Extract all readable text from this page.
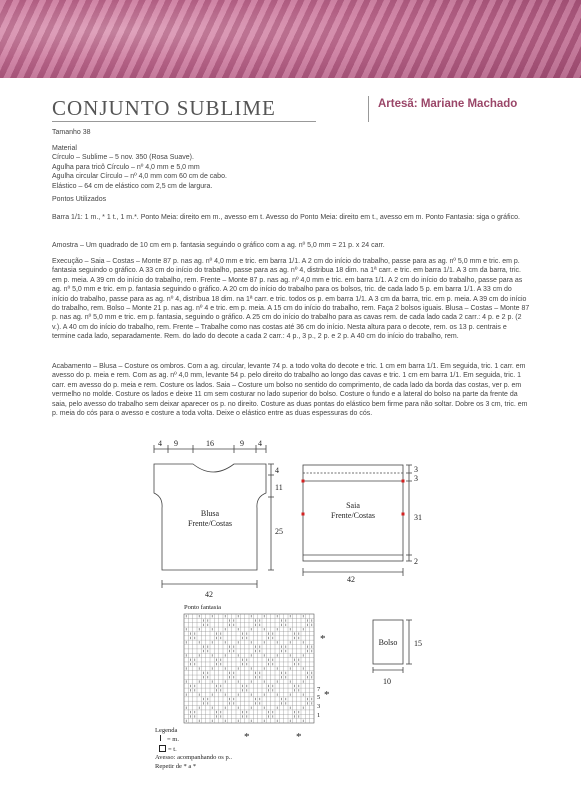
CONJUNTO SUBLIME	Artesã: Mariane Machado
Tamanho 38

Material

Círculo – Sublime – 5 nov. 350 (Rosa Suave).

Agulha para tricô Círculo – nº 4,0 mm e 5,0 mm

Agulha circular Círculo – nº 4,0 mm com 60 cm de cabo.

Elástico – 64 cm de elástico com 2,5 cm de largura.

Pontos Utilizados

Barra 1/1: 1 m., * 1 t., 1 m.*. Ponto Meia: direito em m., avesso em t. Avesso do Ponto Meia: direito em t., avesso em m. Ponto Fantasia: siga o gráfico.

Amostra – Um quadrado de 10 cm em p. fantasia seguindo o gráfico com a ag. nº 5,0 mm = 21 p. x 24 carr.
Execução – Saia – Costas – Monte 87 p. nas ag. nº 4,0 mm e tric. em barra 1/1. A 2 cm do início do trabalho, passe para as ag. nº 5,0 mm e tric. em p. fantasia seguindo o gráfico. A 33 cm do início do trabalho, passe para as ag. nº 4, distribua 18 dim. na 1ª carr. e tric. em barra 1/1. A 3 cm da barra, tric. em p. meia. A 39 cm do início do trabalho, rem. Frente – Monte 87 p. nas ag. nº 4,0 mm e tric. em barra 1/1. A 2 cm do início do trabalho, passe para as ag. nº 5,0 mm e tric. em p. fantasia seguindo o gráfico. A 20 cm do início do trabalho para os bolsos, tric. de cada lado 5 p. em barra 1/1. A 33 cm do início do trabalho, passe para as ag. nº 4, distribua 18 dim. na 1ª carr. e tric. todos os p. em barra 1/1. A 3 cm da barra, tric. em p. meia. A 39 cm do início do trabalho, rem. Bolso – Monte 21 p. nas ag. nº 4 e tric. em p. meia. A 15 cm do início do trabalho, rem. Faça 2 bolsos iguais. Blusa – Costas – Monte 87 p. nas ag. nº 5,0 mm e tric. em p. fantasia, seguindo o gráfico. A 25 cm do início do trabalho para as cavas rem. de cada lado cada 2 carr.: 4 p. e 2 p. (2 v.). A 40 cm do início do trabalho, rem. Frente – Trabalhe como nas costas até 36 cm do início. Nesta altura para o decote, rem. os 13 p. centrais e termine cada lado, separadamente. Rem. do lado do decote a cada 2 carr.: 4 p., 3 p., 2 p. e 2 p. A 40 cm do início do trabalho, rem.
Acabamento – Blusa – Costure os ombros. Com a ag. circular, levante 74 p. a todo volta do decote e tric. 1 cm em barra 1/1. Em seguida, tric. 1 carr. em avesso do p. meia e rem. Com as ag. nº 4,0 mm, levante 54 p. pelo direito do trabalho ao longo das cavas e tric. 1 cm em barra 1/1. Em seguida, tric. 1 carr. em avesso do p. meia e rem. Costure os lados. Saia – Costure um bolso no sentido do comprimento, de cada lado da borda das costas, ver p. em vermelho no molde. Costure os lados e deixe 11 cm sem costurar no lado superior do bolso. Costure o fundo e a lateral do bolso na parte da frente da saia, pelo avesso do trabalho sem deixar aparecer os p. no direito. Costure as duas pontas do elástico bem firme para não soltar. Dobre os 3 cm, tric. em p. meia do cós para o avesso e costure a toda volta. Deixe o elástico entre as duas espessuras do cós.
4 9	16	9 4
4
11
25
Blusa
Frente/Costas
42
3
3
31
2
Saia
Frente/Costas
42
Bolso 15
10
Ponto fantasia
*
*
*	*
7
5
3
1

Legenda

= m.

= t.

Avesso: acompanhando os p..

Repetir de * a *
